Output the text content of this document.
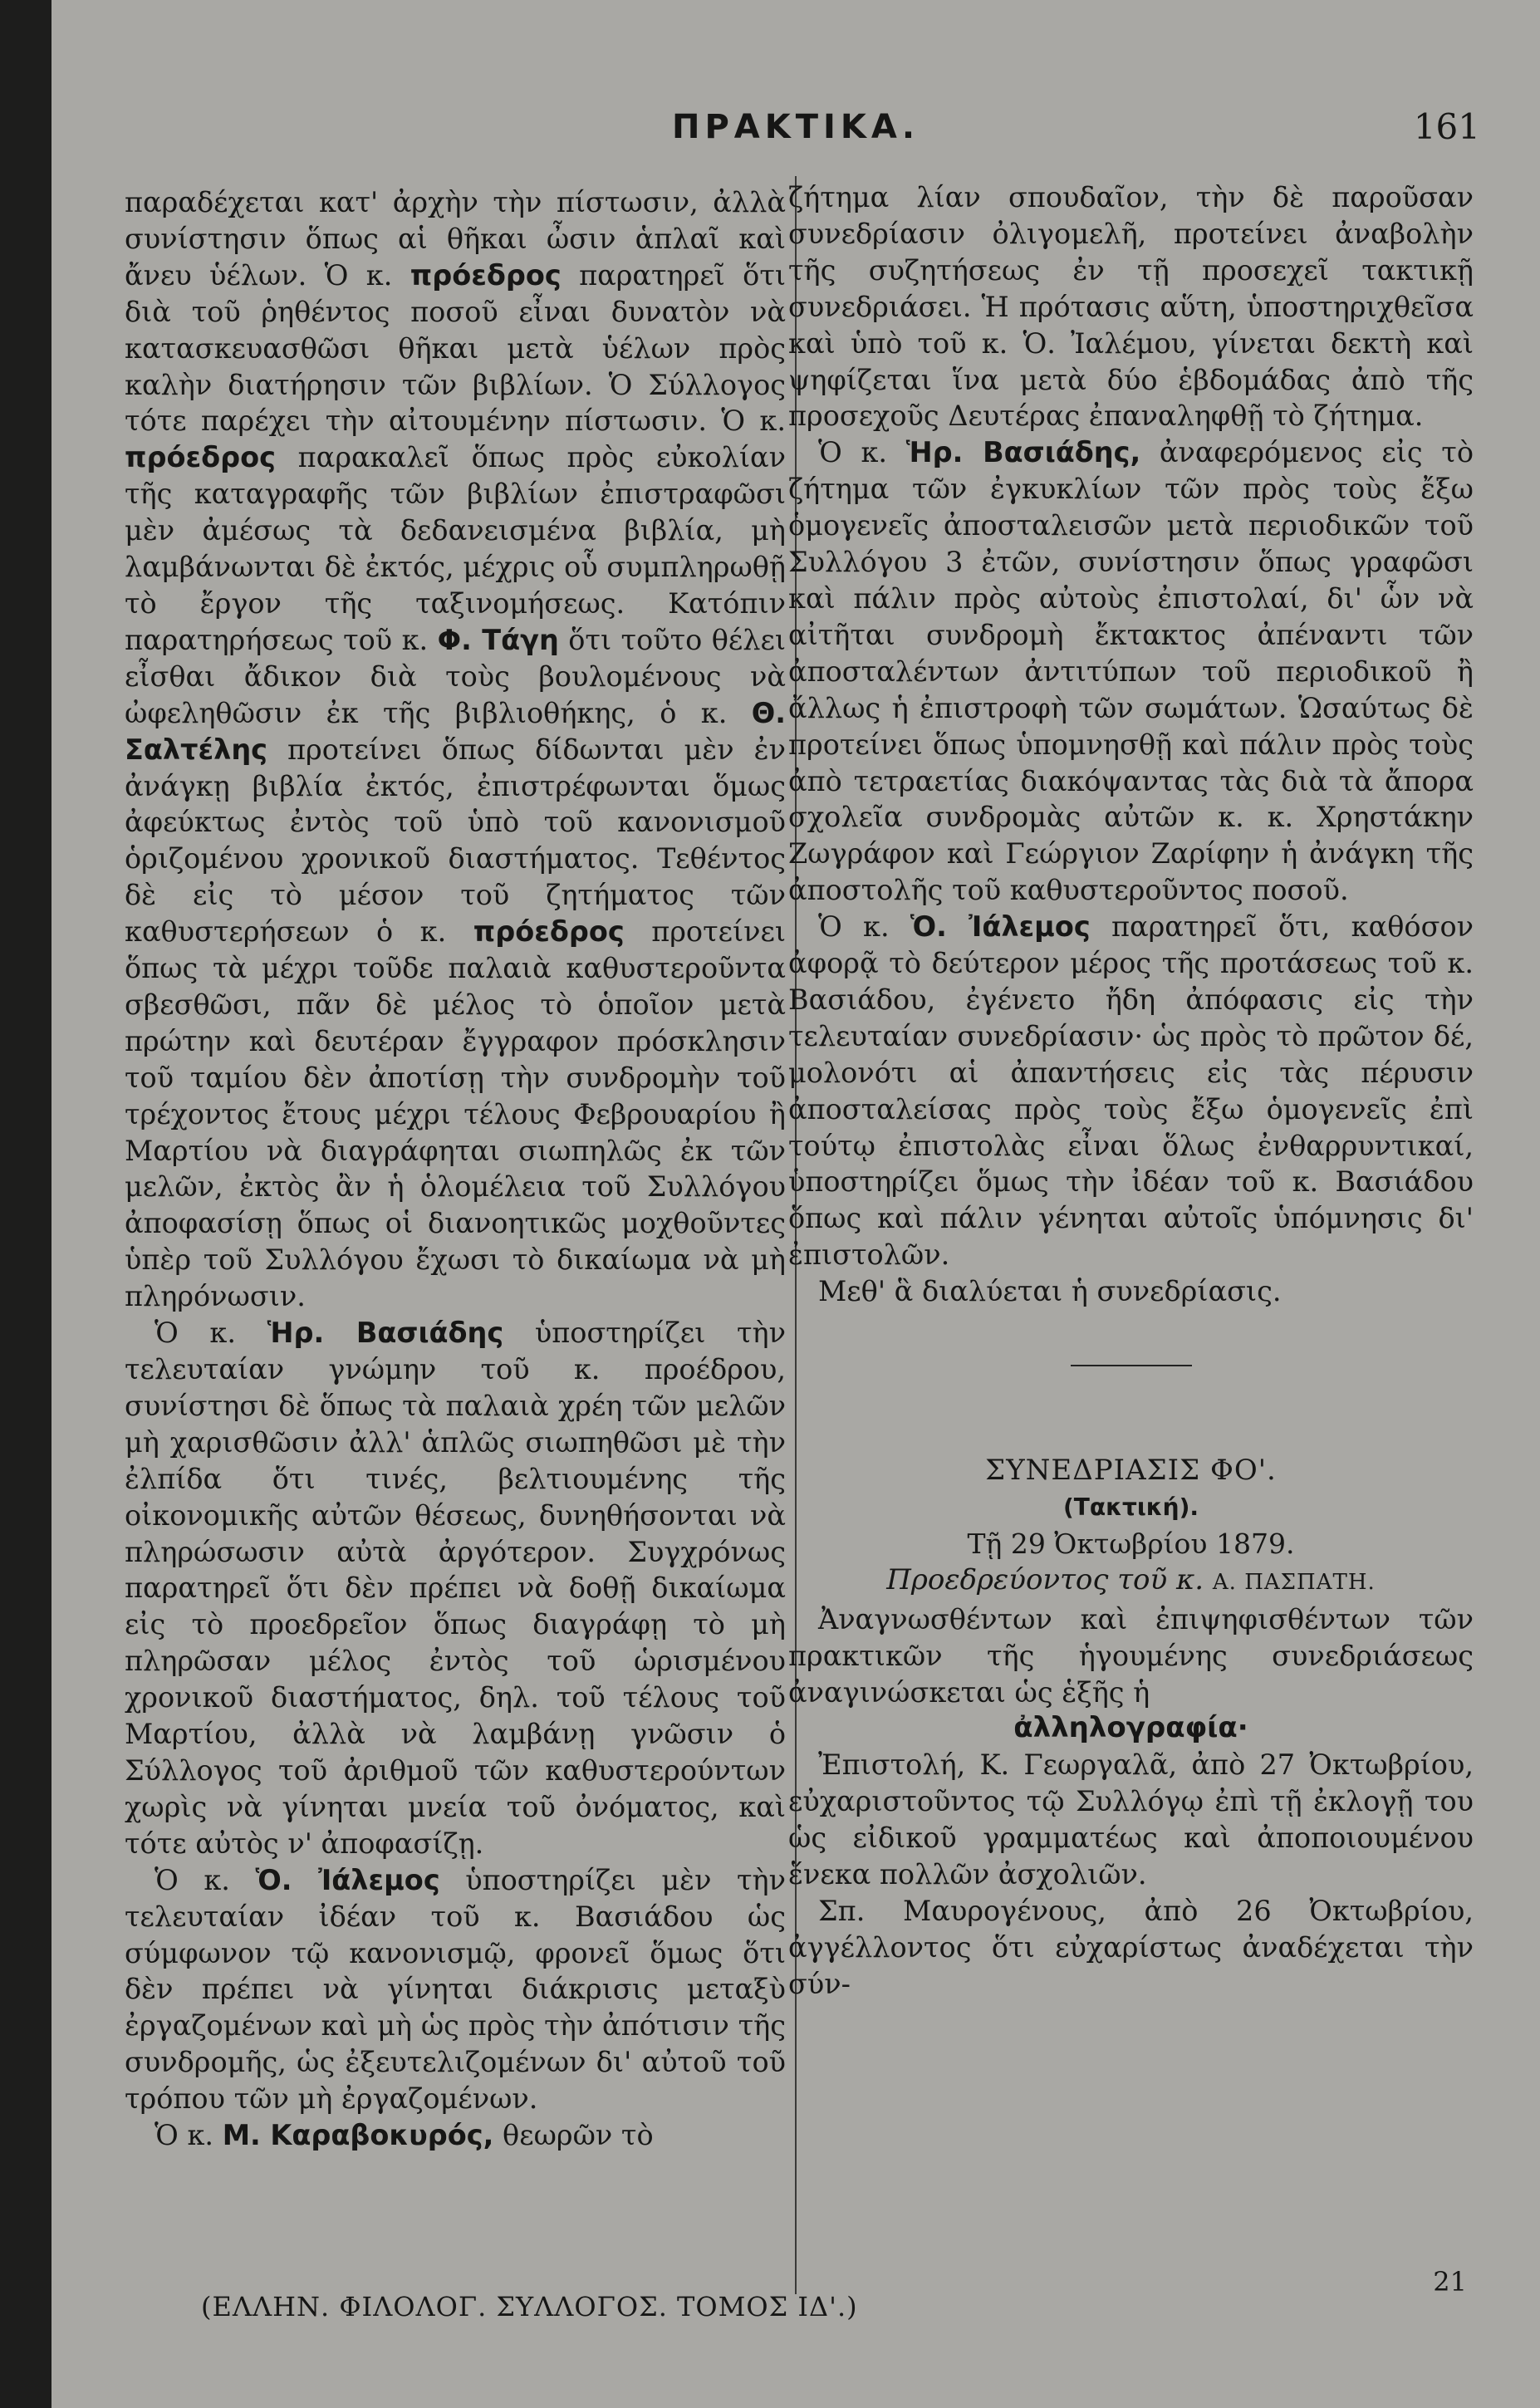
ΠΡΑΚΤΙΚΑ.	161

παραδέχεται κατ' ἀρχὴν τὴν πίστωσιν, ἀλλὰ συνίστησιν ὅπως αἱ θῆκαι ὦσιν ἁπλαῖ καὶ ἄνευ ὑέλων. Ὁ κ. πρόεδρος παρατηρεῖ ὅτι διὰ τοῦ ῥηθέντος ποσοῦ εἶναι δυνατὸν νὰ κατασκευασθῶσι θῆκαι μετὰ ὑέλων πρὸς καλὴν διατήρησιν τῶν βιβλίων. Ὁ Σύλλογος τότε παρέχει τὴν αἰτουμένην πίστωσιν. Ὁ κ. πρόεδρος παρακαλεῖ ὅπως πρὸς εὐκολίαν τῆς καταγραφῆς τῶν βιβλίων ἐπιστραφῶσι μὲν ἀμέσως τὰ δεδανεισμένα βιβλία, μὴ λαμβάνωνται δὲ ἐκτός, μέχρις οὗ συμπληρωθῇ τὸ ἔργον τῆς ταξινομήσεως. Κατόπιν παρατηρήσεως τοῦ κ. Φ. Τάγη ὅτι τοῦτο θέλει εἶσθαι ἄδικον διὰ τοὺς βουλομένους νὰ ὠφεληθῶσιν ἐκ τῆς βιβλιοθήκης, ὁ κ. Θ. Σαλτέλης προτείνει ὅπως δίδωνται μὲν ἐν ἀνάγκῃ βιβλία ἐκτός, ἐπιστρέφωνται ὅμως ἀφεύκτως ἐντὸς τοῦ ὑπὸ τοῦ κανονισμοῦ ὁριζομένου χρονικοῦ διαστήματος. Τεθέντος δὲ εἰς τὸ μέσον τοῦ ζητήματος τῶν καθυστερήσεων ὁ κ. πρόεδρος προτείνει ὅπως τὰ μέχρι τοῦδε παλαιὰ καθυστεροῦντα σβεσθῶσι, πᾶν δὲ μέλος τὸ ὁποῖον μετὰ πρώτην καὶ δευτέραν ἔγγραφον πρόσκλησιν τοῦ ταμίου δὲν ἀποτίσῃ τὴν συνδρομὴν τοῦ τρέχοντος ἔτους μέχρι τέλους Φεβρουαρίου ἢ Μαρτίου νὰ διαγράφηται σιωπηλῶς ἐκ τῶν μελῶν, ἐκτὸς ἂν ἡ ὁλομέλεια τοῦ Συλλόγου ἀποφασίσῃ ὅπως οἱ διανοητικῶς μοχθοῦντες ὑπὲρ τοῦ Συλλόγου ἔχωσι τὸ δικαίωμα νὰ μὴ πληρόνωσιν.

Ὁ κ. Ἡρ. Βασιάδης ὑποστηρίζει τὴν τελευταίαν γνώμην τοῦ κ. προέδρου, συνίστησι δὲ ὅπως τὰ παλαιὰ χρέη τῶν μελῶν μὴ χαρισθῶσιν ἀλλ' ἁπλῶς σιωπηθῶσι μὲ τὴν ἐλπίδα ὅτι τινές, βελτιουμένης τῆς οἰκονομικῆς αὐτῶν θέσεως, δυνηθήσονται νὰ πληρώσωσιν αὐτὰ ἀργότερον. Συγχρόνως παρατηρεῖ ὅτι δὲν πρέπει νὰ δοθῇ δικαίωμα εἰς τὸ προεδρεῖον ὅπως διαγράφῃ τὸ μὴ πληρῶσαν μέλος ἐντὸς τοῦ ὡρισμένου χρονικοῦ διαστήματος, δηλ. τοῦ τέλους τοῦ Μαρτίου, ἀλλὰ νὰ λαμβάνῃ γνῶσιν ὁ Σύλλογος τοῦ ἀριθμοῦ τῶν καθυστερούντων χωρὶς νὰ γίνηται μνεία τοῦ ὀνόματος, καὶ τότε αὐτὸς ν' ἀποφασίζῃ.

Ὁ κ. Ὁ. Ἰάλεμος ὑποστηρίζει μὲν τὴν τελευταίαν ἰδέαν τοῦ κ. Βασιάδου ὡς σύμφωνον τῷ κανονισμῷ, φρονεῖ ὅμως ὅτι δὲν πρέπει νὰ γίνηται διάκρισις μεταξὺ ἐργαζομένων καὶ μὴ ὡς πρὸς τὴν ἀπότισιν τῆς συνδρομῆς, ὡς ἐξευτελιζομένων δι' αὐτοῦ τοῦ τρόπου τῶν μὴ ἐργαζομένων.

Ὁ κ. Μ. Καραβοκυρός, θεωρῶν τὸ

ζήτημα λίαν σπουδαῖον, τὴν δὲ παροῦσαν συνεδρίασιν ὀλιγομελῆ, προτείνει ἀναβολὴν τῆς συζητήσεως ἐν τῇ προσεχεῖ τακτικῇ συνεδριάσει. Ἡ πρότασις αὕτη, ὑποστηριχθεῖσα καὶ ὑπὸ τοῦ κ. Ὁ. Ἰαλέμου, γίνεται δεκτὴ καὶ ψηφίζεται ἵνα μετὰ δύο ἑβδομάδας ἀπὸ τῆς προσεχοῦς Δευτέρας ἐπαναληφθῇ τὸ ζήτημα.

Ὁ κ. Ἡρ. Βασιάδης, ἀναφερόμενος εἰς τὸ ζήτημα τῶν ἐγκυκλίων τῶν πρὸς τοὺς ἔξω ὁμογενεῖς ἀποσταλεισῶν μετὰ περιοδικῶν τοῦ Συλλόγου 3 ἐτῶν, συνίστησιν ὅπως γραφῶσι καὶ πάλιν πρὸς αὐτοὺς ἐπιστολαί, δι' ὧν νὰ αἰτῆται συνδρομὴ ἔκτακτος ἀπέναντι τῶν ἀποσταλέντων ἀντιτύπων τοῦ περιοδικοῦ ἢ ἄλλως ἡ ἐπιστροφὴ τῶν σωμάτων. Ὡσαύτως δὲ προτείνει ὅπως ὑπομνησθῇ καὶ πάλιν πρὸς τοὺς ἀπὸ τετραετίας διακόψαντας τὰς διὰ τὰ ἄπορα σχολεῖα συνδρομὰς αὐτῶν κ. κ. Χρηστάκην Ζωγράφον καὶ Γεώργιον Ζαρίφην ἡ ἀνάγκη τῆς ἀποστολῆς τοῦ καθυστεροῦντος ποσοῦ.

Ὁ κ. Ὁ. Ἰάλεμος παρατηρεῖ ὅτι, καθόσον ἀφορᾷ τὸ δεύτερον μέρος τῆς προτάσεως τοῦ κ. Βασιάδου, ἐγένετο ἤδη ἀπόφασις εἰς τὴν τελευταίαν συνεδρίασιν· ὡς πρὸς τὸ πρῶτον δέ, μολονότι αἱ ἀπαντήσεις εἰς τὰς πέρυσιν ἀποσταλείσας πρὸς τοὺς ἔξω ὁμογενεῖς ἐπὶ τούτῳ ἐπιστολὰς εἶναι ὅλως ἐνθαρρυντικαί, ὑποστηρίζει ὅμως τὴν ἰδέαν τοῦ κ. Βασιάδου ὅπως καὶ πάλιν γένηται αὐτοῖς ὑπόμνησις δι' ἐπιστολῶν.

Μεθ' ἃ διαλύεται ἡ συνεδρίασις.

ΣΥΝΕΔΡΙΑΣΙΣ ΦΟ'.

(Τακτική).

Τῇ 29 Ὀκτωβρίου 1879.

Προεδρεύοντος τοῦ κ. Α. ΠΑΣΠΑΤΗ.

Ἀναγνωσθέντων καὶ ἐπιψηφισθέντων τῶν πρακτικῶν τῆς ἡγουμένης συνεδριάσεως ἀναγινώσκεται ὡς ἑξῆς ἡ

ἀλληλογραφία·

Ἐπιστολή, Κ. Γεωργαλᾶ, ἀπὸ 27 Ὀκτωβρίου, εὐχαριστοῦντος τῷ Συλλόγῳ ἐπὶ τῇ ἐκλογῇ του ὡς εἰδικοῦ γραμματέως καὶ ἀποποιουμένου ἕνεκα πολλῶν ἀσχολιῶν.

Σπ. Μαυρογένους, ἀπὸ 26 Ὀκτωβρίου, ἀγγέλλοντος ὅτι εὐχαρίστως ἀναδέχεται τὴν σύν-

(ΕΛΛΗΝ. ΦΙΛΟΛΟΓ. ΣΥΛΛΟΓΟΣ. ΤΟΜΟΣ ΙΔ'.)
21
